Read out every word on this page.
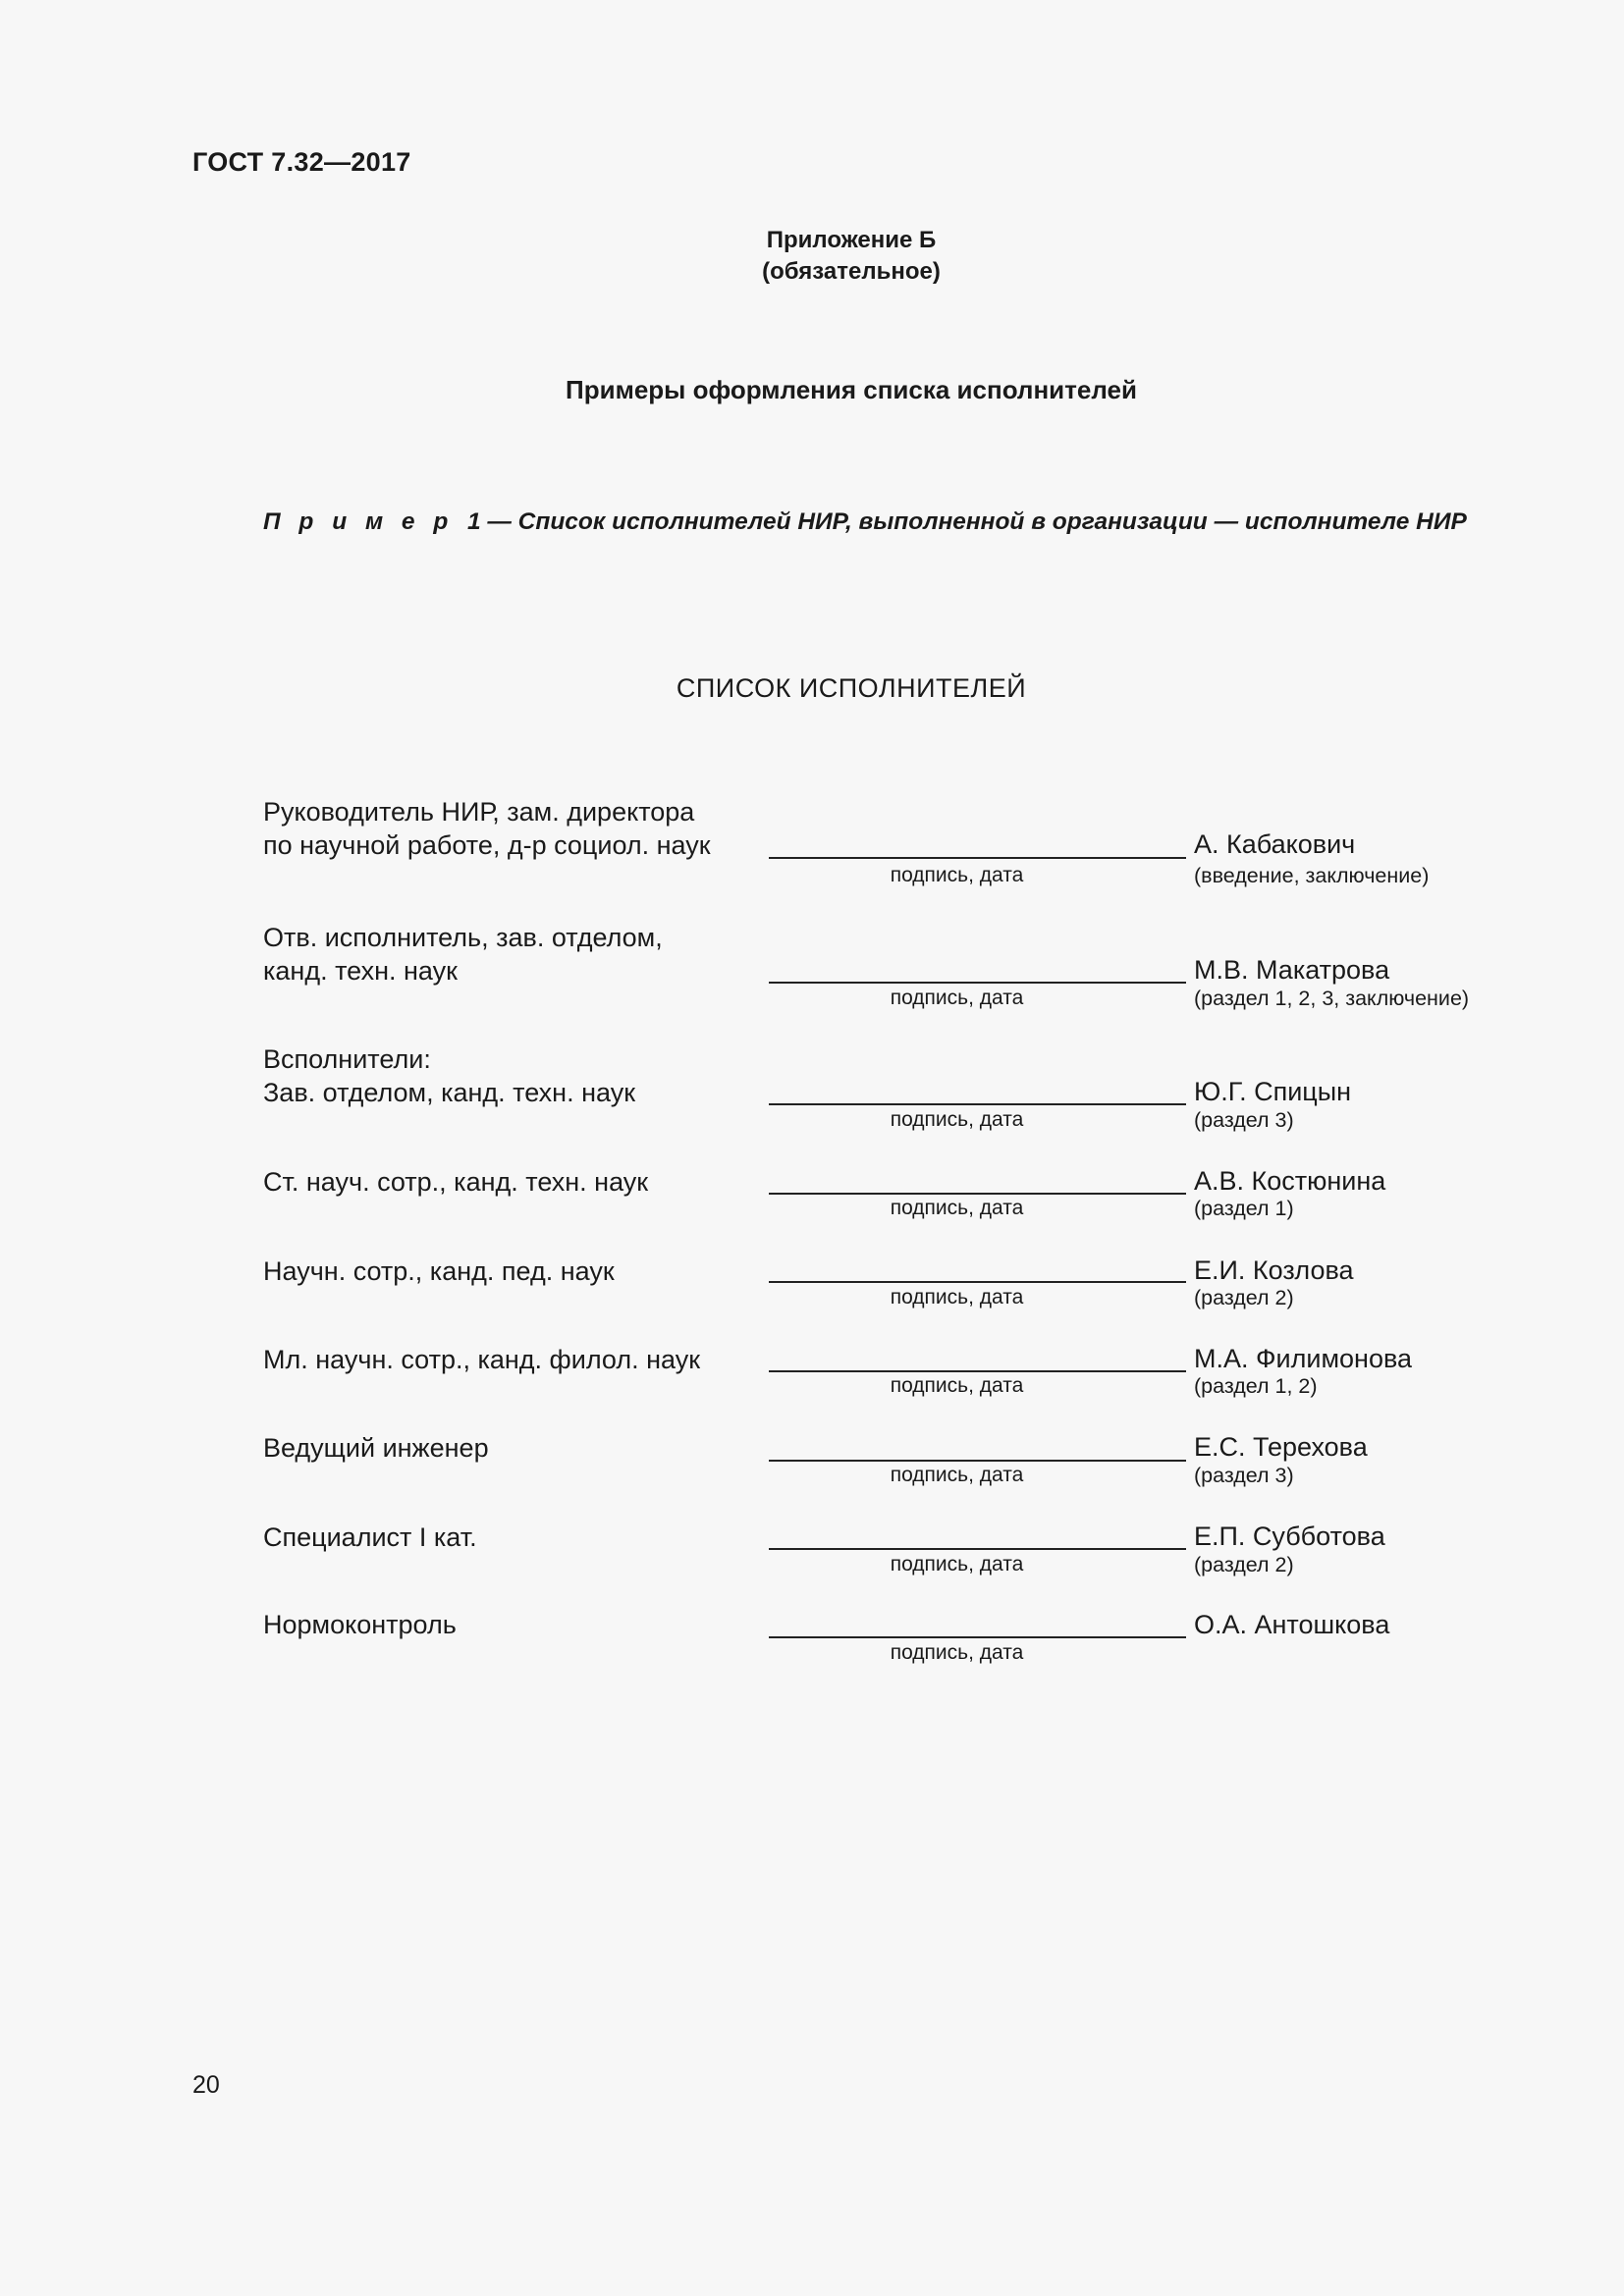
ГОСТ 7.32—2017
Приложение Б
(обязательное)
Примеры оформления списка исполнителей
П р и м е р 1 — Список исполнителей НИР, выполненной в организации — исполнителе НИР
СПИСОК ИСПОЛНИТЕЛЕЙ
Руководитель НИР, зам. директора
по научной работе, д-р социол. наук
подпись, дата
А. Кабакович
(введение, заключение)
Отв. исполнитель, зав. отделом,
канд. техн. наук
подпись, дата
М.В. Макатрова
(раздел 1, 2, 3, заключение)
Всполнители:
Зав. отделом, канд. техн. наук
подпись, дата
Ю.Г. Спицын
(раздел 3)
Ст. науч. сотр., канд. техн. наук
подпись, дата
А.В. Костюнина
(раздел 1)
Научн. сотр., канд. пед. наук
подпись, дата
Е.И. Козлова
(раздел 2)
Мл. научн. сотр., канд. филол. наук
подпись, дата
М.А. Филимонова
(раздел 1, 2)
Ведущий инженер
подпись, дата
Е.С. Терехова
(раздел 3)
Специалист I кат.
подпись, дата
Е.П. Субботова
(раздел 2)
Нормоконтроль
подпись, дата
О.А. Антошкова
20
